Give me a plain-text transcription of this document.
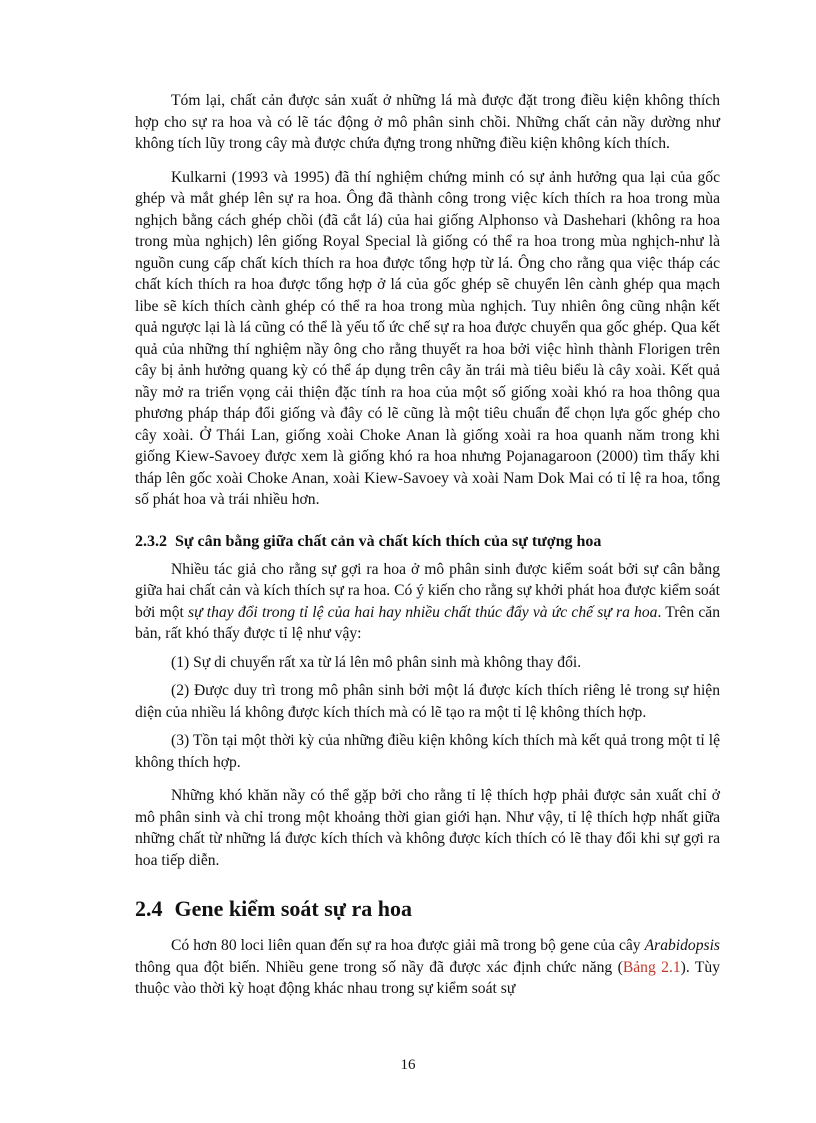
Tóm lại, chất cản được sản xuất ở những lá mà được đặt trong điều kiện không thích hợp cho sự ra hoa và có lẽ tác động ở mô phân sinh chồi. Những chất cản nầy dường như không tích lũy trong cây mà được chứa đựng trong những điều kiện không kích thích.

Kulkarni (1993 và 1995) đã thí nghiệm chứng minh có sự ảnh hưởng qua lại của gốc ghép và mắt ghép lên sự ra hoa. Ông đã thành công trong việc kích thích ra hoa trong mùa nghịch bằng cách ghép chồi (đã cắt lá) của hai giống Alphonso và Dashehari (không ra hoa trong mùa nghịch) lên giống Royal Special là giống có thể ra hoa trong mùa nghịch-như là nguồn cung cấp chất kích thích ra hoa được tổng hợp từ lá. Ông cho rằng qua việc tháp các chất kích thích ra hoa được tổng hợp ở lá của gốc ghép sẽ chuyển lên cành ghép qua mạch libe sẽ kích thích cành ghép có thể ra hoa trong mùa nghịch. Tuy nhiên ông cũng nhận kết quả ngược lại là lá cũng có thể là yếu tố ức chế sự ra hoa được chuyển qua gốc ghép. Qua kết quả của những thí nghiệm nầy ông cho rằng thuyết ra hoa bởi việc hình thành Florigen trên cây bị ảnh hưởng quang kỳ có thể áp dụng trên cây ăn trái mà tiêu biểu là cây xoài. Kết quả nầy mở ra triển vọng cải thiện đặc tính ra hoa của một số giống xoài khó ra hoa thông qua phương pháp tháp đổi giống và đây có lẽ cũng là một tiêu chuẩn để chọn lựa gốc ghép cho cây xoài. Ở Thái Lan, giống xoài Choke Anan là giống xoài ra hoa quanh năm trong khi giống Kiew-Savoey được xem là giống khó ra hoa nhưng Pojanagaroon (2000) tìm thấy khi tháp lên gốc xoài Choke Anan, xoài Kiew-Savoey và xoài Nam Dok Mai có tỉ lệ ra hoa, tổng số phát hoa và trái nhiều hơn.

2.3.2 Sự cân bằng giữa chất cản và chất kích thích của sự tượng hoa

Nhiều tác giả cho rằng sự gợi ra hoa ở mô phân sinh được kiểm soát bởi sự cân bằng giữa hai chất cản và kích thích sự ra hoa. Có ý kiến cho rằng sự khởi phát hoa được kiểm soát bởi một sự thay đổi trong tỉ lệ của hai hay nhiều chất thúc đẩy và ức chế sự ra hoa. Trên căn bản, rất khó thấy được tỉ lệ như vậy:

(1) Sự di chuyển rất xa từ lá lên mô phân sinh mà không thay đổi.

(2) Được duy trì trong mô phân sinh bởi một lá được kích thích riêng lẻ trong sự hiện diện của nhiều lá không được kích thích mà có lẽ tạo ra một tỉ lệ không thích hợp.

(3) Tồn tại một thời kỳ của những điều kiện không kích thích mà kết quả trong một tỉ lệ không thích hợp.

Những khó khăn nầy có thể gặp bởi cho rằng tỉ lệ thích hợp phải được sản xuất chỉ ở mô phân sinh và chỉ trong một khoảng thời gian giới hạn. Như vậy, tỉ lệ thích hợp nhất giữa những chất từ những lá được kích thích và không được kích thích có lẽ thay đổi khi sự gợi ra hoa tiếp diễn.

2.4 Gene kiểm soát sự ra hoa

Có hơn 80 loci liên quan đến sự ra hoa được giải mã trong bộ gene của cây Arabidopsis thông qua đột biến. Nhiều gene trong số nầy đã được xác định chức năng (Bảng 2.1). Tùy thuộc vào thời kỳ hoạt động khác nhau trong sự kiểm soát sự

16
